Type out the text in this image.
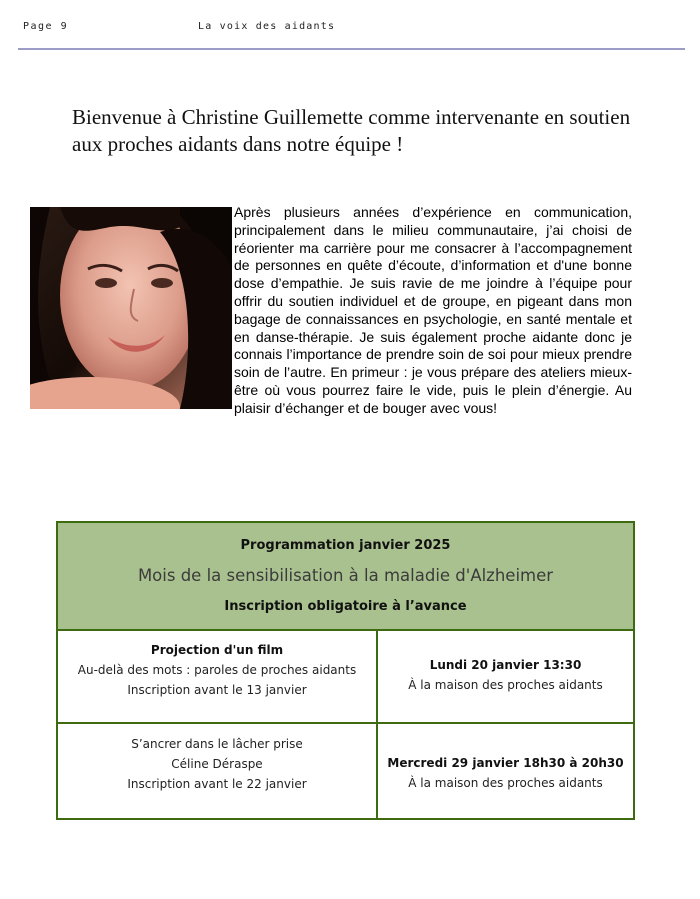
Page 9	La voix des aidants
Bienvenue à Christine Guillemette comme intervenante en soutien aux proches aidants dans notre équipe !
Après plusieurs années d’expérience en communication, principalement dans le milieu communautaire, j’ai choisi de réorienter ma carrière pour me consacrer à l’accompagnement de personnes en quête d’écoute, d’information et d'une bonne dose d’empathie. Je suis ravie de me joindre à l’équipe pour offrir du soutien individuel et de groupe, en pigeant dans mon bagage de connaissances en psychologie, en santé mentale et en danse-thérapie. Je suis également proche aidante donc je connais l’importance de prendre soin de soi pour mieux prendre soin de l’autre. En primeur : je vous prépare des ateliers mieux-être où vous pourrez faire le vide, puis le plein d’énergie. Au plaisir d’échanger et de bouger avec vous!
Programmation janvier 2025
Mois de la sensibilisation à la maladie d'Alzheimer
Inscription obligatoire à l’avance
Projection d'un film
Au-delà des mots : paroles de proches aidants
Inscription avant le 13 janvier
Lundi 20 janvier 13:30
À la maison des proches aidants
S’ancrer dans le lâcher prise
Céline Déraspe
Inscription avant le 22 janvier
Mercredi 29 janvier 18h30 à 20h30
À la maison des proches aidants
